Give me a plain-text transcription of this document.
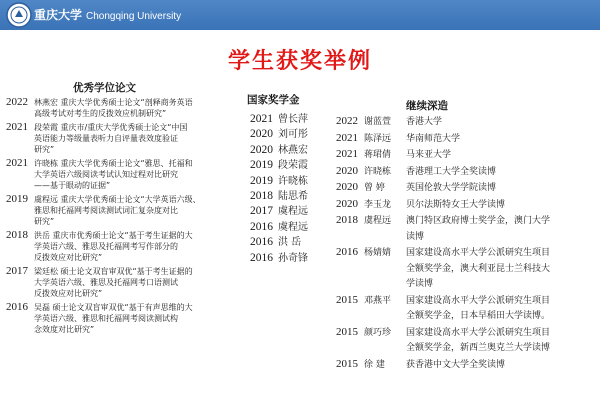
重庆大学 Chongqing University
学生获奖举例
优秀学位论文
2022 林燕宏 重庆大学优秀硕士论文“剖释商务英语
高级考试对考生的反拨效应机制研究”
2021 段荣霞 重庆市/重庆大学优秀硕士论文“中国
英语能力等级量表听力自评量表效度验证
研究”
2021 许晓栋 重庆大学优秀硕士论文“雅思、托福和
大学英语六级阅读考试认知过程对比研究
——基于眼动的证据”
2019 虞程远 重庆大学优秀硕士论文“大学英语六级、
雅思和托福网考阅读测试词汇复杂度对比
研究”
2018 洪岳 重庆市优秀硕士论文“基于考生证据的大
学英语六级、雅思及托福网考写作部分的
反拨效应对比研究”
2017 梁廷松 硕士论文双盲审双优“基于考生证据的
大学英语六级、雅思及托福网考口语测试
反拨效应对比研究”
2016 吴磊 硕士论文双盲审双优“基于有声思维的大
学英语六级、雅思和托福网考阅读测试构
念效度对比研究”
国家奖学金
2021 曾长萍
2020 刘可彤
2020 林燕宏
2019 段荣霞
2019 许晓栋
2018 陆思希
2017 虞程远
2016 虞程远
2016 洪 岳
2016 孙奇锋
继续深造
2022 谢蓝萱 香港大学
2021 陈泽远 华南师范大学
2021 蒋珺倩 马来亚大学
2020 许晓栋 香港理工大学全奖读博
2020 曾 婷 英国伦敦大学学院读博
2020 李玉龙 贝尔法斯特女王大学读博
2018 虞程远 澳门特区政府博士奖学金，澳门大学
读博
2016 杨婧婧 国家建设高水平大学公派研究生项目
全额奖学金，澳大利亚昆士兰科技大
学读博
2015 邓燕平 国家建设高水平大学公派研究生项目
全额奖学金，日本早稻田大学读博。
2015 颜巧珍 国家建设高水平大学公派研究生项目
全额奖学金，新西兰奥克兰大学读博
2015 徐 建 获香港中文大学全奖读博
